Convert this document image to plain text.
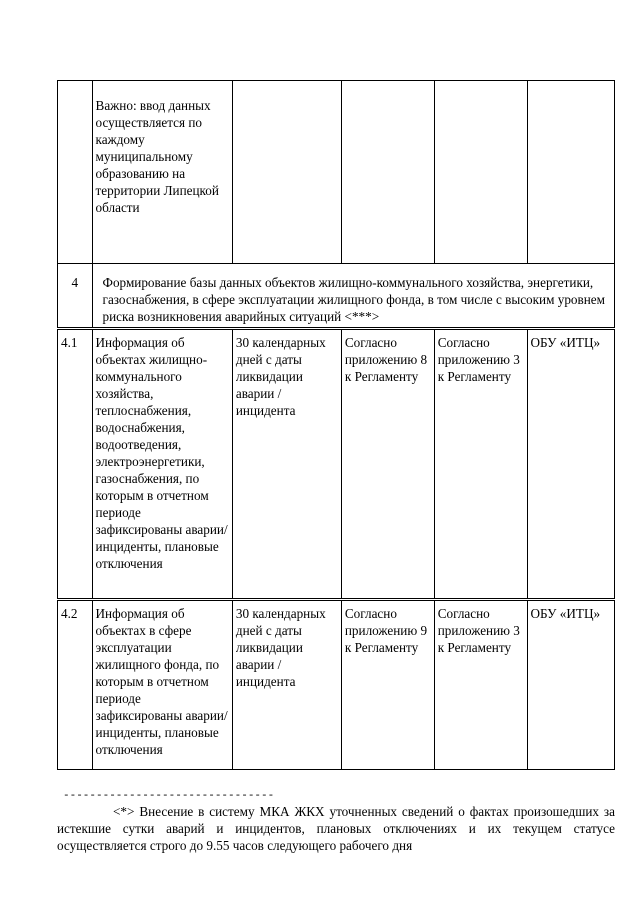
	Важно: ввод данных осуществляется по каждому муниципальному образованию на территории Липецкой области				
4	Формирование базы данных объектов жилищно-коммунального хозяйства, энергетики, газоснабжения, в сфере эксплуатации жилищного фонда, в том числе с высоким уровнем риска возникновения аварийных ситуаций <***>				
4.1	Информация об объектах жилищно-коммунального хозяйства, теплоснабжения, водоснабжения, водоотведения, электроэнергетики, газоснабжения, по которым в отчетном периоде зафиксированы аварии/инциденты, плановые отключения	30 календарных дней с даты ликвидации аварии / инцидента	Согласно приложению 8 к Регламенту	Согласно приложению 3 к Регламенту	ОБУ «ИТЦ»
4.2	Информация об объектах в сфере эксплуатации жилищного фонда, по которым в отчетном периоде зафиксированы аварии/инциденты, плановые отключения	30 календарных дней с даты ликвидации аварии / инцидента	Согласно приложению 9 к Регламенту	Согласно приложению 3 к Регламенту	ОБУ «ИТЦ»
--------------------------------
<*> Внесение в систему МКА ЖКХ уточненных сведений о фактах произошедших за истекшие сутки аварий и инцидентов, плановых отключениях и их текущем статусе осуществляется строго до 9.55 часов следующего рабочего дня
